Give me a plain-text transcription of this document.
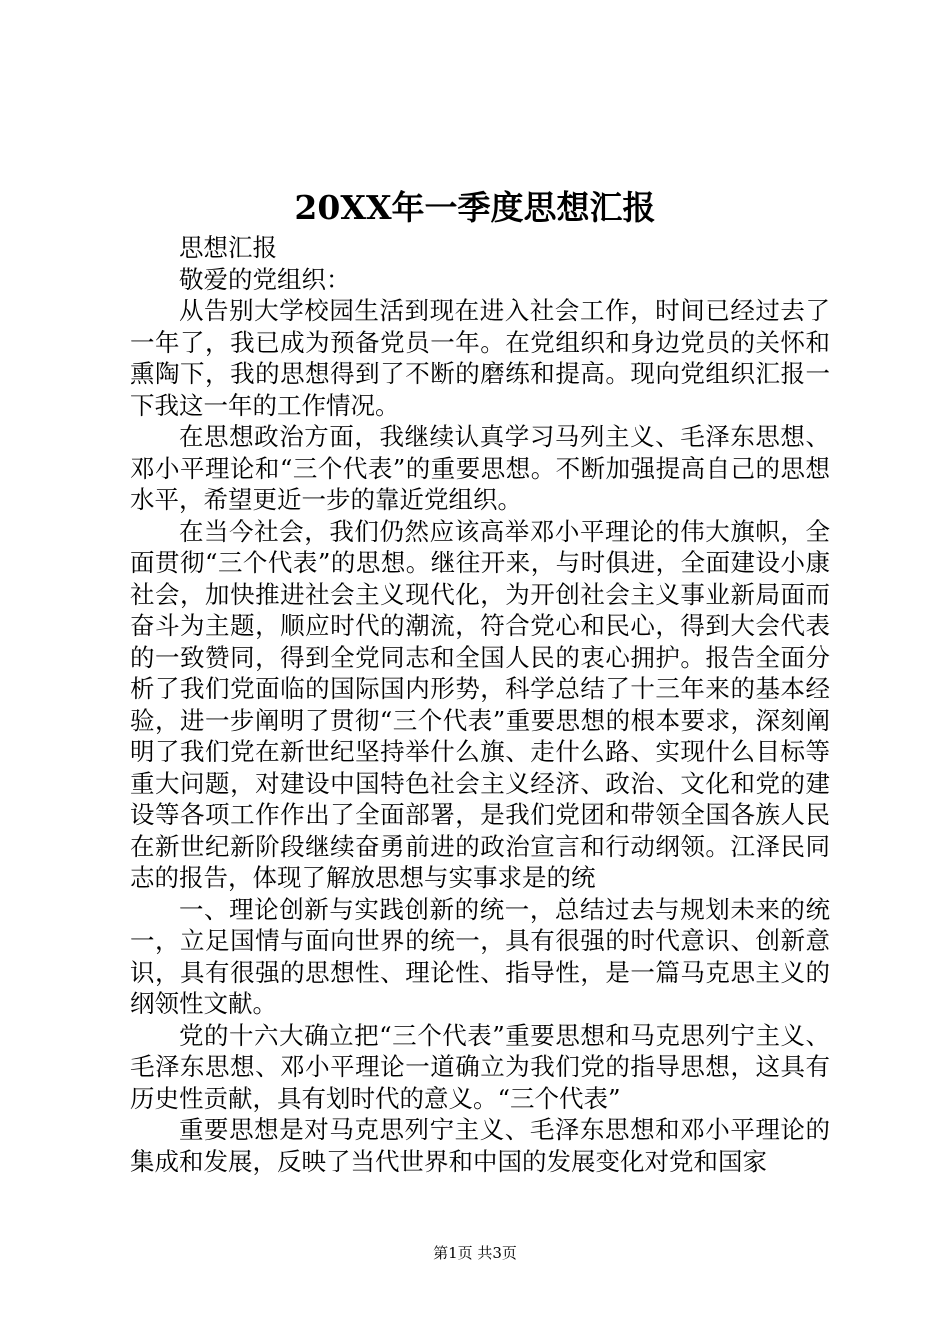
20XX年一季度思想汇报

思想汇报

敬爱的党组织：

从告别大学校园生活到现在进入社会工作，时间已经过去了一年了，我已成为预备党员一年。在党组织和身边党员的关怀和熏陶下，我的思想得到了不断的磨练和提高。现向党组织汇报一下我这一年的工作情况。

在思想政治方面，我继续认真学习马列主义、毛泽东思想、邓小平理论和“三个代表”的重要思想。不断加强提高自己的思想水平，希望更近一步的靠近党组织。

在当今社会，我们仍然应该高举邓小平理论的伟大旗帜，全面贯彻“三个代表”的思想。继往开来，与时俱进，全面建设小康社会，加快推进社会主义现代化，为开创社会主义事业新局面而奋斗为主题，顺应时代的潮流，符合党心和民心，得到大会代表的一致赞同，得到全党同志和全国人民的衷心拥护。报告全面分析了我们党面临的国际国内形势，科学总结了十三年来的基本经验，进一步阐明了贯彻“三个代表”重要思想的根本要求，深刻阐明了我们党在新世纪坚持举什么旗、走什么路、实现什么目标等重大问题，对建设中国特色社会主义经济、政治、文化和党的建设等各项工作作出了全面部署，是我们党团和带领全国各族人民在新世纪新阶段继续奋勇前进的政治宣言和行动纲领。江泽民同志的报告，体现了解放思想与实事求是的统

一、理论创新与实践创新的统一，总结过去与规划未来的统一，立足国情与面向世界的统一，具有很强的时代意识、创新意识，具有很强的思想性、理论性、指导性，是一篇马克思主义的纲领性文献。

党的十六大确立把“三个代表”重要思想和马克思列宁主义、毛泽东思想、邓小平理论一道确立为我们党的指导思想，这具有历史性贡献，具有划时代的意义。“三个代表”

重要思想是对马克思列宁主义、毛泽东思想和邓小平理论的集成和发展，反映了当代世界和中国的发展变化对党和国家

第1页 共3页
